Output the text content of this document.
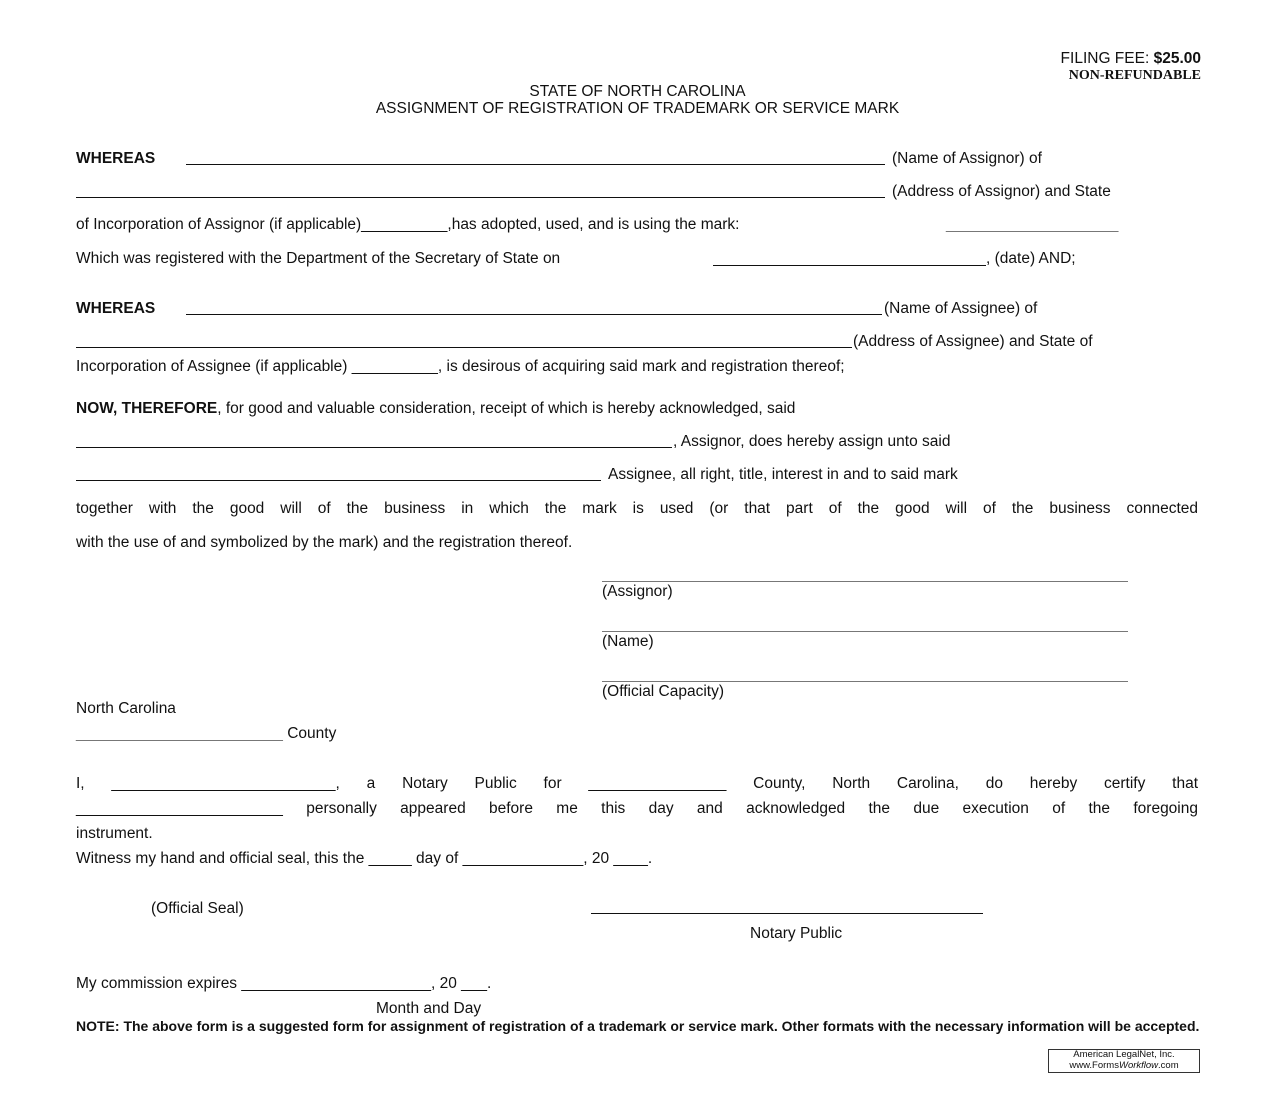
FILING FEE: $25.00
NON-REFUNDABLE
STATE OF NORTH CAROLINA
ASSIGNMENT OF REGISTRATION OF TRADEMARK OR SERVICE MARK
WHEREAS	(Name of Assignor) of
(Address of Assignor) and State
of Incorporation of Assignor (if applicable)__________,has adopted, used, and is using the mark:	____________________
Which was registered with the Department of the Secretary of State on	, (date) AND;
WHEREAS	(Name of Assignee) of
(Address of Assignee) and State of
Incorporation of Assignee (if applicable) __________, is desirous of acquiring said mark and registration thereof;
NOW, THEREFORE, for good and valuable consideration, receipt of which is hereby acknowledged, said
, Assignor, does hereby assign unto said
Assignee, all right, title, interest in and to said mark
together with the good will of the business in which the mark is used (or that part of the good will of the business connected
with the use of and symbolized by the mark) and the registration thereof.
(Assignor)
(Name)
(Official Capacity)
North Carolina
________________________ County
I, __________________________, a Notary Public for ________________ County, North Carolina, do hereby certify that
________________________ personally appeared before me this day and acknowledged the due execution of the foregoing
instrument.
Witness my hand and official seal, this the _____ day of ______________, 20 ____.
(Official Seal)
Notary Public
My commission expires ______________________, 20 ___.
Month and Day
NOTE: The above form is a suggested form for assignment of registration of a trademark or service mark. Other formats with the necessary information will be accepted.
American LegalNet, Inc.
www.FormsWorkflow.com
